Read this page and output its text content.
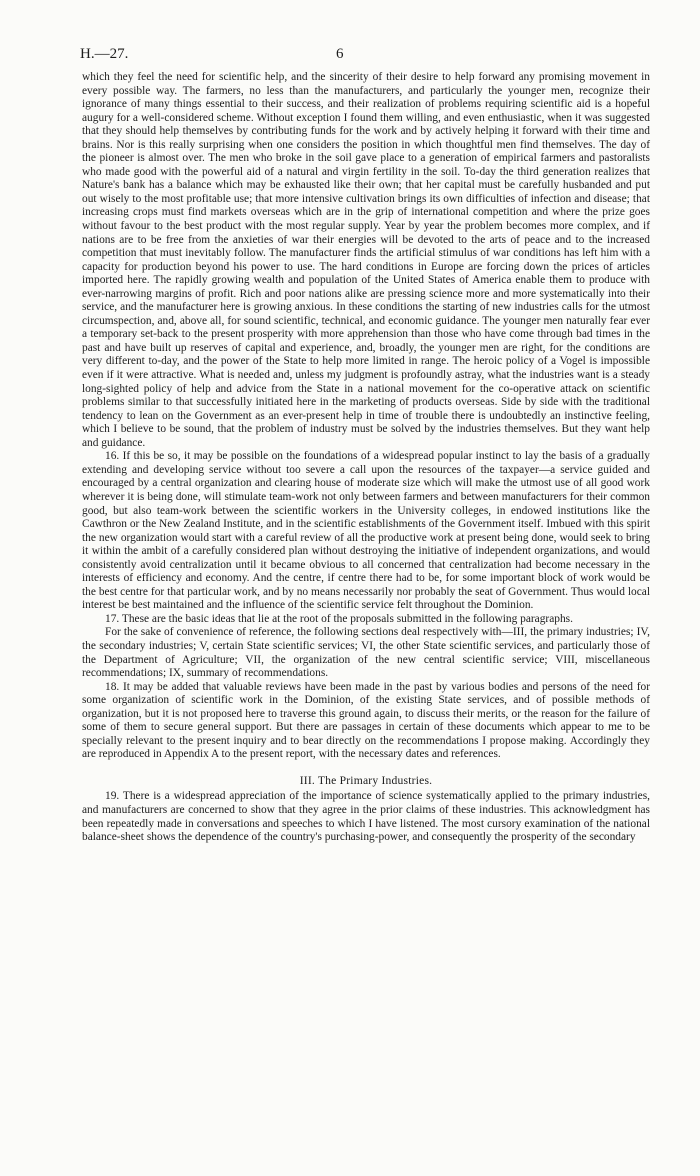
H.—27.	6

which they feel the need for scientific help, and the sincerity of their desire to help forward any promising movement in every possible way. The farmers, no less than the manufacturers, and particularly the younger men, recognize their ignorance of many things essential to their success, and their realization of problems requiring scientific aid is a hopeful augury for a well-considered scheme. Without exception I found them willing, and even enthusiastic, when it was suggested that they should help themselves by contributing funds for the work and by actively helping it forward with their time and brains. Nor is this really surprising when one considers the position in which thoughtful men find themselves. The day of the pioneer is almost over. The men who broke in the soil gave place to a generation of empirical farmers and pastoralists who made good with the powerful aid of a natural and virgin fertility in the soil. To-day the third generation realizes that Nature's bank has a balance which may be exhausted like their own; that her capital must be carefully husbanded and put out wisely to the most profitable use; that more intensive cultivation brings its own difficulties of infection and disease; that increasing crops must find markets overseas which are in the grip of international competition and where the prize goes without favour to the best product with the most regular supply. Year by year the problem becomes more complex, and if nations are to be free from the anxieties of war their energies will be devoted to the arts of peace and to the increased competition that must inevitably follow. The manufacturer finds the artificial stimulus of war conditions has left him with a capacity for production beyond his power to use. The hard conditions in Europe are forcing down the prices of articles imported here. The rapidly growing wealth and population of the United States of America enable them to produce with ever-narrowing margins of profit. Rich and poor nations alike are pressing science more and more systematically into their service, and the manufacturer here is growing anxious. In these conditions the starting of new industries calls for the utmost circumspection, and, above all, for sound scientific, technical, and economic guidance. The younger men naturally fear ever a temporary set-back to the present prosperity with more apprehension than those who have come through bad times in the past and have built up reserves of capital and experience, and, broadly, the younger men are right, for the conditions are very different to-day, and the power of the State to help more limited in range. The heroic policy of a Vogel is impossible even if it were attractive. What is needed and, unless my judgment is profoundly astray, what the industries want is a steady long-sighted policy of help and advice from the State in a national movement for the co-operative attack on scientific problems similar to that successfully initiated here in the marketing of products overseas. Side by side with the traditional tendency to lean on the Government as an ever-present help in time of trouble there is undoubtedly an instinctive feeling, which I believe to be sound, that the problem of industry must be solved by the industries themselves. But they want help and guidance.

16. If this be so, it may be possible on the foundations of a widespread popular instinct to lay the basis of a gradually extending and developing service without too severe a call upon the resources of the taxpayer—a service guided and encouraged by a central organization and clearing house of moderate size which will make the utmost use of all good work wherever it is being done, will stimulate team-work not only between farmers and between manufacturers for their common good, but also team-work between the scientific workers in the University colleges, in endowed institutions like the Cawthron or the New Zealand Institute, and in the scientific establishments of the Government itself. Imbued with this spirit the new organization would start with a careful review of all the productive work at present being done, would seek to bring it within the ambit of a carefully considered plan without destroying the initiative of independent organizations, and would consistently avoid centralization until it became obvious to all concerned that centralization had become necessary in the interests of efficiency and economy. And the centre, if centre there had to be, for some important block of work would be the best centre for that particular work, and by no means necessarily nor probably the seat of Government. Thus would local interest be best maintained and the influence of the scientific service felt throughout the Dominion.

17. These are the basic ideas that lie at the root of the proposals submitted in the following paragraphs.

For the sake of convenience of reference, the following sections deal respectively with—III, the primary industries; IV, the secondary industries; V, certain State scientific services; VI, the other State scientific services, and particularly those of the Department of Agriculture; VII, the organization of the new central scientific service; VIII, miscellaneous recommendations; IX, summary of recommendations.

18. It may be added that valuable reviews have been made in the past by various bodies and persons of the need for some organization of scientific work in the Dominion, of the existing State services, and of possible methods of organization, but it is not proposed here to traverse this ground again, to discuss their merits, or the reason for the failure of some of them to secure general support. But there are passages in certain of these documents which appear to me to be specially relevant to the present inquiry and to bear directly on the recommendations I propose making. Accordingly they are reproduced in Appendix A to the present report, with the necessary dates and references.

III. The Primary Industries.

19. There is a widespread appreciation of the importance of science systematically applied to the primary industries, and manufacturers are concerned to show that they agree in the prior claims of these industries. This acknowledgment has been repeatedly made in conversations and speeches to which I have listened. The most cursory examination of the national balance-sheet shows the dependence of the country's purchasing-power, and consequently the prosperity of the secondary
